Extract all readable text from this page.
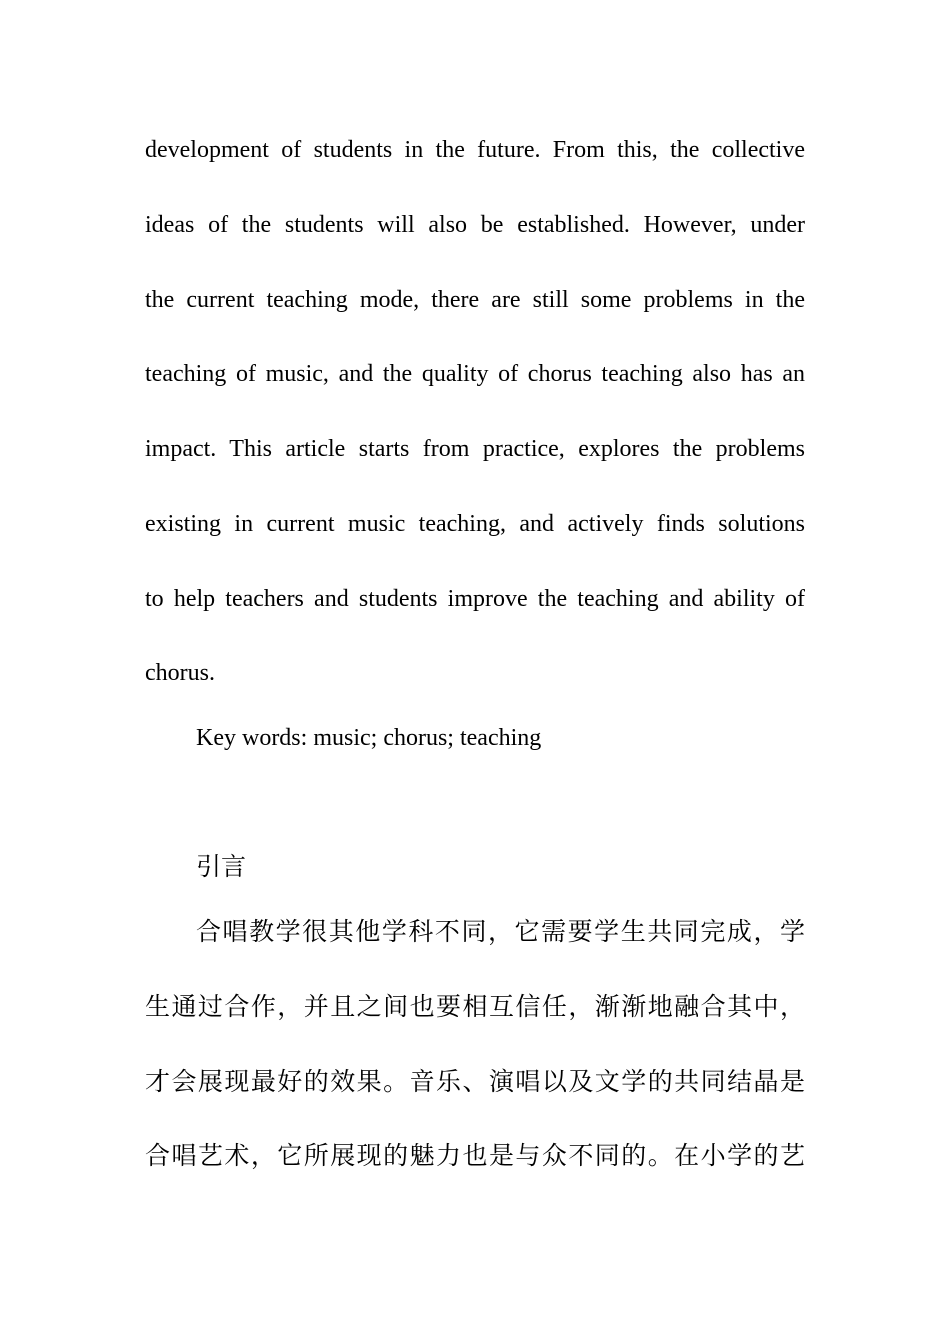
development of students in the future. From this, the collective
ideas of the students will also be established. However, under
the current teaching mode, there are still some problems in the
teaching of music, and the quality of chorus teaching also has an
impact. This article starts from practice, explores the problems
existing in current music teaching, and actively finds solutions
to help teachers and students improve the teaching and ability of
chorus.
Key words: music; chorus; teaching
引言
合唱教学很其他学科不同，它需要学生共同完成，学
生通过合作，并且之间也要相互信任，渐渐地融合其中，
才会展现最好的效果。音乐、演唱以及文学的共同结晶是
合唱艺术，它所展现的魅力也是与众不同的。在小学的艺
